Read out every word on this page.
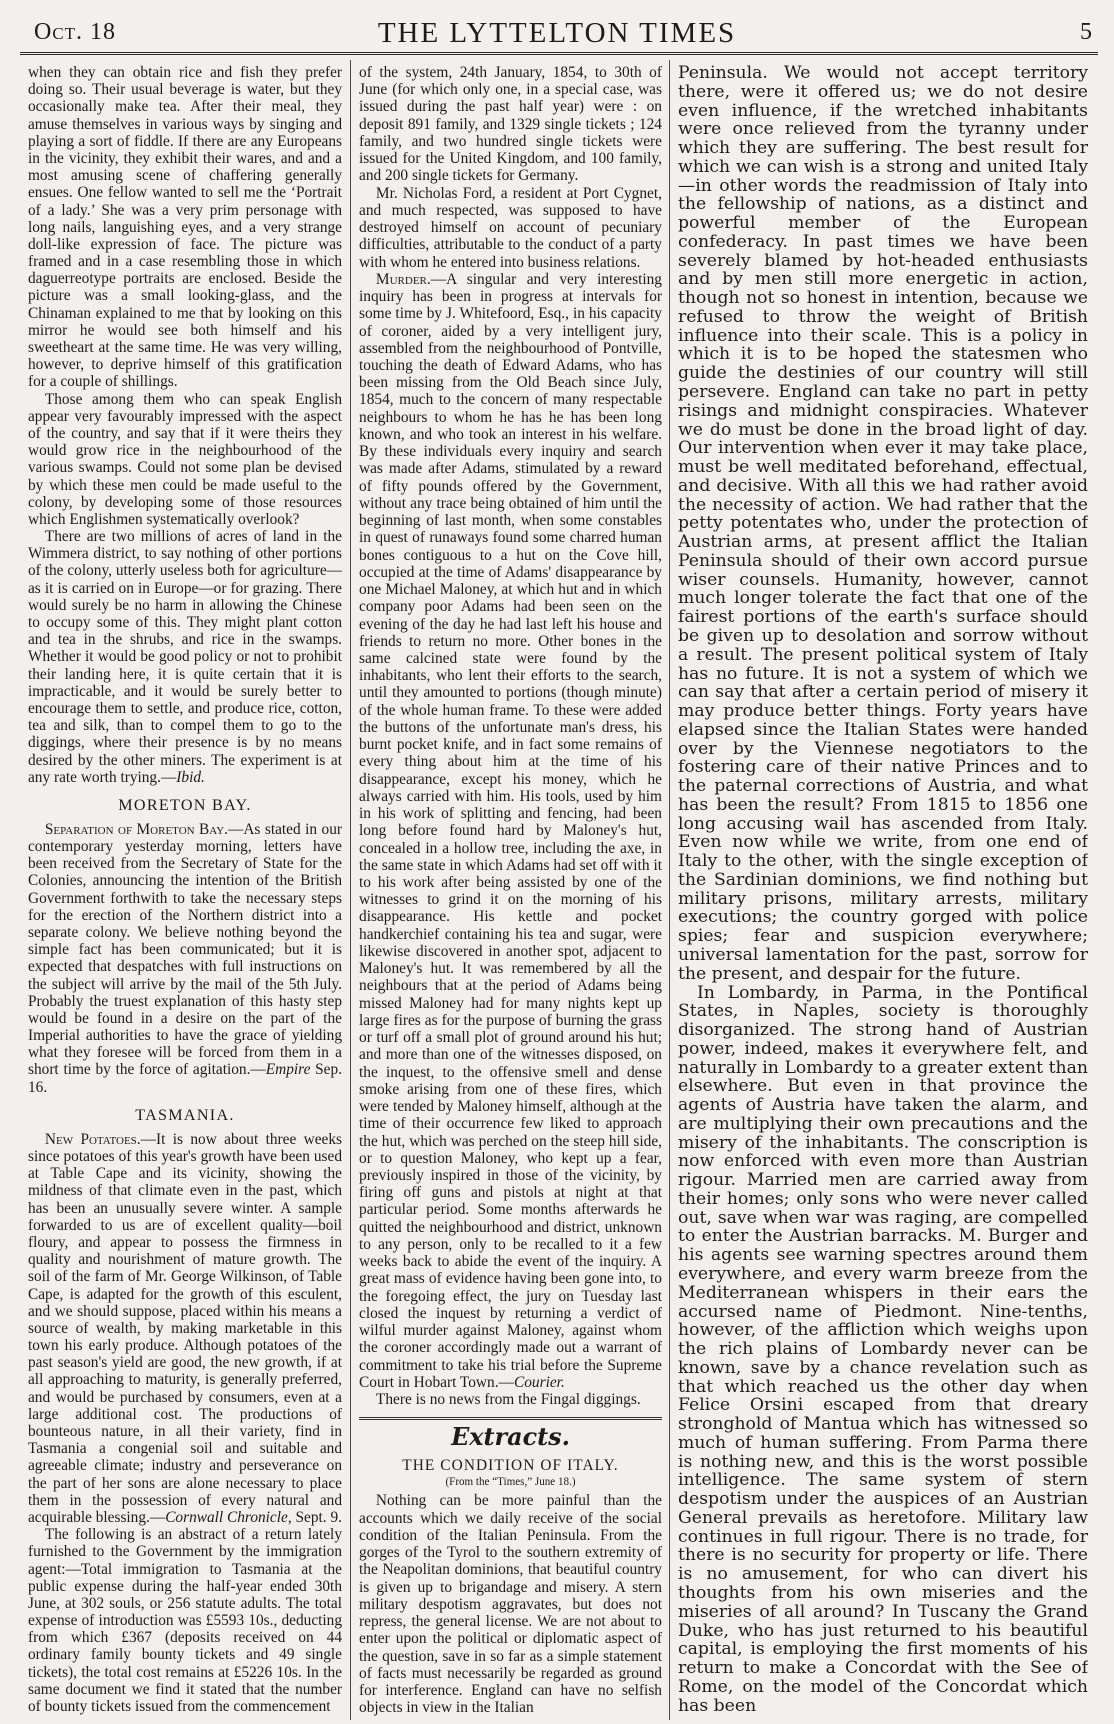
Oct. 18	THE LYTTELTON TIMES	5

when they can obtain rice and fish they prefer doing so. Their usual beverage is water, but they occasionally make tea. After their meal, they amuse themselves in various ways by singing and playing a sort of fiddle. If there are any Europeans in the vicinity, they exhibit their wares, and and a most amusing scene of chaffering generally ensues. One fellow wanted to sell me the ‘Portrait of a lady.’ She was a very prim personage with long nails, languishing eyes, and a very strange doll-like expression of face. The picture was framed and in a case resembling those in which daguerreotype portraits are enclosed. Beside the picture was a small looking-glass, and the Chinaman explained to me that by looking on this mirror he would see both himself and his sweetheart at the same time. He was very willing, however, to deprive himself of this gratification for a couple of shillings.

Those among them who can speak English appear very favourably impressed with the aspect of the country, and say that if it were theirs they would grow rice in the neighbourhood of the various swamps. Could not some plan be devised by which these men could be made useful to the colony, by developing some of those resources which Englishmen systematically overlook?

There are two millions of acres of land in the Wimmera district, to say nothing of other portions of the colony, utterly useless both for agriculture—as it is carried on in Europe—or for grazing. There would surely be no harm in allowing the Chinese to occupy some of this. They might plant cotton and tea in the shrubs, and rice in the swamps. Whether it would be good policy or not to prohibit their landing here, it is quite certain that it is impracticable, and it would be surely better to encourage them to settle, and produce rice, cotton, tea and silk, than to compel them to go to the diggings, where their presence is by no means desired by the other miners. The experiment is at any rate worth trying.—Ibid.

MORETON BAY.

Separation of Moreton Bay.—As stated in our contemporary yesterday morning, letters have been received from the Secretary of State for the Colonies, announcing the intention of the British Government forthwith to take the necessary steps for the erection of the Northern district into a separate colony. We believe nothing beyond the simple fact has been communicated; but it is expected that despatches with full instructions on the subject will arrive by the mail of the 5th July. Probably the truest explanation of this hasty step would be found in a desire on the part of the Imperial authorities to have the grace of yielding what they foresee will be forced from them in a short time by the force of agitation.—Empire Sep. 16.

TASMANIA.

New Potatoes.—It is now about three weeks since potatoes of this year's growth have been used at Table Cape and its vicinity, showing the mildness of that climate even in the past, which has been an unusually severe winter. A sample forwarded to us are of excellent quality—boil floury, and appear to possess the firmness in quality and nourishment of mature growth. The soil of the farm of Mr. George Wilkinson, of Table Cape, is adapted for the growth of this esculent, and we should suppose, placed within his means a source of wealth, by making marketable in this town his early produce. Although potatoes of the past season's yield are good, the new growth, if at all approaching to maturity, is generally preferred, and would be purchased by consumers, even at a large additional cost. The productions of bounteous nature, in all their variety, find in Tasmania a congenial soil and suitable and agreeable climate; industry and perseverance on the part of her sons are alone necessary to place them in the possession of every natural and acquirable blessing.—Cornwall Chronicle, Sept. 9.

The following is an abstract of a return lately furnished to the Government by the immigration agent:—Total immigration to Tasmania at the public expense during the half-year ended 30th June, at 302 souls, or 256 statute adults. The total expense of introduction was £5593 10s., deducting from which £367 (deposits received on 44 ordinary family bounty tickets and 49 single tickets), the total cost remains at £5226 10s. In the same document we find it stated that the number of bounty tickets issued from the commencement

of the system, 24th January, 1854, to 30th of June (for which only one, in a special case, was issued during the past half year) were : on deposit 891 family, and 1329 single tickets ; 124 family, and two hundred single tickets were issued for the United Kingdom, and 100 family, and 200 single tickets for Germany.

Mr. Nicholas Ford, a resident at Port Cygnet, and much respected, was supposed to have destroyed himself on account of pecuniary difficulties, attributable to the conduct of a party with whom he entered into business relations.

Murder.—A singular and very interesting inquiry has been in progress at intervals for some time by J. Whitefoord, Esq., in his capacity of coroner, aided by a very intelligent jury, assembled from the neighbourhood of Pontville, touching the death of Edward Adams, who has been missing from the Old Beach since July, 1854, much to the concern of many respectable neighbours to whom he has he has been long known, and who took an interest in his welfare. By these individuals every inquiry and search was made after Adams, stimulated by a reward of fifty pounds offered by the Government, without any trace being obtained of him until the beginning of last month, when some constables in quest of runaways found some charred human bones contiguous to a hut on the Cove hill, occupied at the time of Adams' disappearance by one Michael Maloney, at which hut and in which company poor Adams had been seen on the evening of the day he had last left his house and friends to return no more. Other bones in the same calcined state were found by the inhabitants, who lent their efforts to the search, until they amounted to portions (though minute) of the whole human frame. To these were added the buttons of the unfortunate man's dress, his burnt pocket knife, and in fact some remains of every thing about him at the time of his disappearance, except his money, which he always carried with him. His tools, used by him in his work of splitting and fencing, had been long before found hard by Maloney's hut, concealed in a hollow tree, including the axe, in the same state in which Adams had set off with it to his work after being assisted by one of the witnesses to grind it on the morning of his disappearance. His kettle and pocket handkerchief containing his tea and sugar, were likewise discovered in another spot, adjacent to Maloney's hut. It was remembered by all the neighbours that at the period of Adams being missed Maloney had for many nights kept up large fires as for the purpose of burning the grass or turf off a small plot of ground around his hut; and more than one of the witnesses disposed, on the inquest, to the offensive smell and dense smoke arising from one of these fires, which were tended by Maloney himself, although at the time of their occurrence few liked to approach the hut, which was perched on the steep hill side, or to question Maloney, who kept up a fear, previously inspired in those of the vicinity, by firing off guns and pistols at night at that particular period. Some months afterwards he quitted the neighbourhood and district, unknown to any person, only to be recalled to it a few weeks back to abide the event of the inquiry. A great mass of evidence having been gone into, to the foregoing effect, the jury on Tuesday last closed the inquest by returning a verdict of wilful murder against Maloney, against whom the coroner accordingly made out a warrant of commitment to take his trial before the Supreme Court in Hobart Town.—Courier.

There is no news from the Fingal diggings.

Extracts.
THE CONDITION OF ITALY.
(From the “Times,” June 18.)

Nothing can be more painful than the accounts which we daily receive of the social condition of the Italian Peninsula. From the gorges of the Tyrol to the southern extremity of the Neapolitan dominions, that beautiful country is given up to brigandage and misery. A stern military despotism aggravates, but does not repress, the general license. We are not about to enter upon the political or diplomatic aspect of the question, save in so far as a simple statement of facts must necessarily be regarded as ground for interference. England can have no selfish objects in view in the Italian

Peninsula. We would not accept territory there, were it offered us; we do not desire even influence, if the wretched inhabitants were once relieved from the tyranny under which they are suffering. The best result for which we can wish is a strong and united Italy—in other words the readmission of Italy into the fellowship of nations, as a distinct and powerful member of the European confederacy. In past times we have been severely blamed by hot-headed enthusiasts and by men still more energetic in action, though not so honest in intention, because we refused to throw the weight of British influence into their scale. This is a policy in which it is to be hoped the statesmen who guide the destinies of our country will still persevere. England can take no part in petty risings and midnight conspiracies. Whatever we do must be done in the broad light of day. Our intervention when ever it may take place, must be well meditated beforehand, effectual, and decisive. With all this we had rather avoid the necessity of action. We had rather that the petty potentates who, under the protection of Austrian arms, at present afflict the Italian Peninsula should of their own accord pursue wiser counsels. Humanity, however, cannot much longer tolerate the fact that one of the fairest portions of the earth's surface should be given up to desolation and sorrow without a result. The present political system of Italy has no future. It is not a system of which we can say that after a certain period of misery it may produce better things. Forty years have elapsed since the Italian States were handed over by the Viennese negotiators to the fostering care of their native Princes and to the paternal corrections of Austria, and what has been the result? From 1815 to 1856 one long accusing wail has ascended from Italy. Even now while we write, from one end of Italy to the other, with the single exception of the Sardinian dominions, we find nothing but military prisons, military arrests, military executions; the country gorged with police spies; fear and suspicion everywhere; universal lamentation for the past, sorrow for the present, and despair for the future.

In Lombardy, in Parma, in the Pontifical States, in Naples, society is thoroughly disorganized. The strong hand of Austrian power, indeed, makes it everywhere felt, and naturally in Lombardy to a greater extent than elsewhere. But even in that province the agents of Austria have taken the alarm, and are multiplying their own precautions and the misery of the inhabitants. The conscription is now enforced with even more than Austrian rigour. Married men are carried away from their homes; only sons who were never called out, save when war was raging, are compelled to enter the Austrian barracks. M. Burger and his agents see warning spectres around them everywhere, and every warm breeze from the Mediterranean whispers in their ears the accursed name of Piedmont. Nine-tenths, however, of the affliction which weighs upon the rich plains of Lombardy never can be known, save by a chance revelation such as that which reached us the other day when Felice Orsini escaped from that dreary stronghold of Mantua which has witnessed so much of human suffering. From Parma there is nothing new, and this is the worst possible intelligence. The same system of stern despotism under the auspices of an Austrian General prevails as heretofore. Military law continues in full rigour. There is no trade, for there is no security for property or life. There is no amusement, for who can divert his thoughts from his own miseries and the miseries of all around? In Tuscany the Grand Duke, who has just returned to his beautiful capital, is employing the first moments of his return to make a Concordat with the See of Rome, on the model of the Concordat which has been
